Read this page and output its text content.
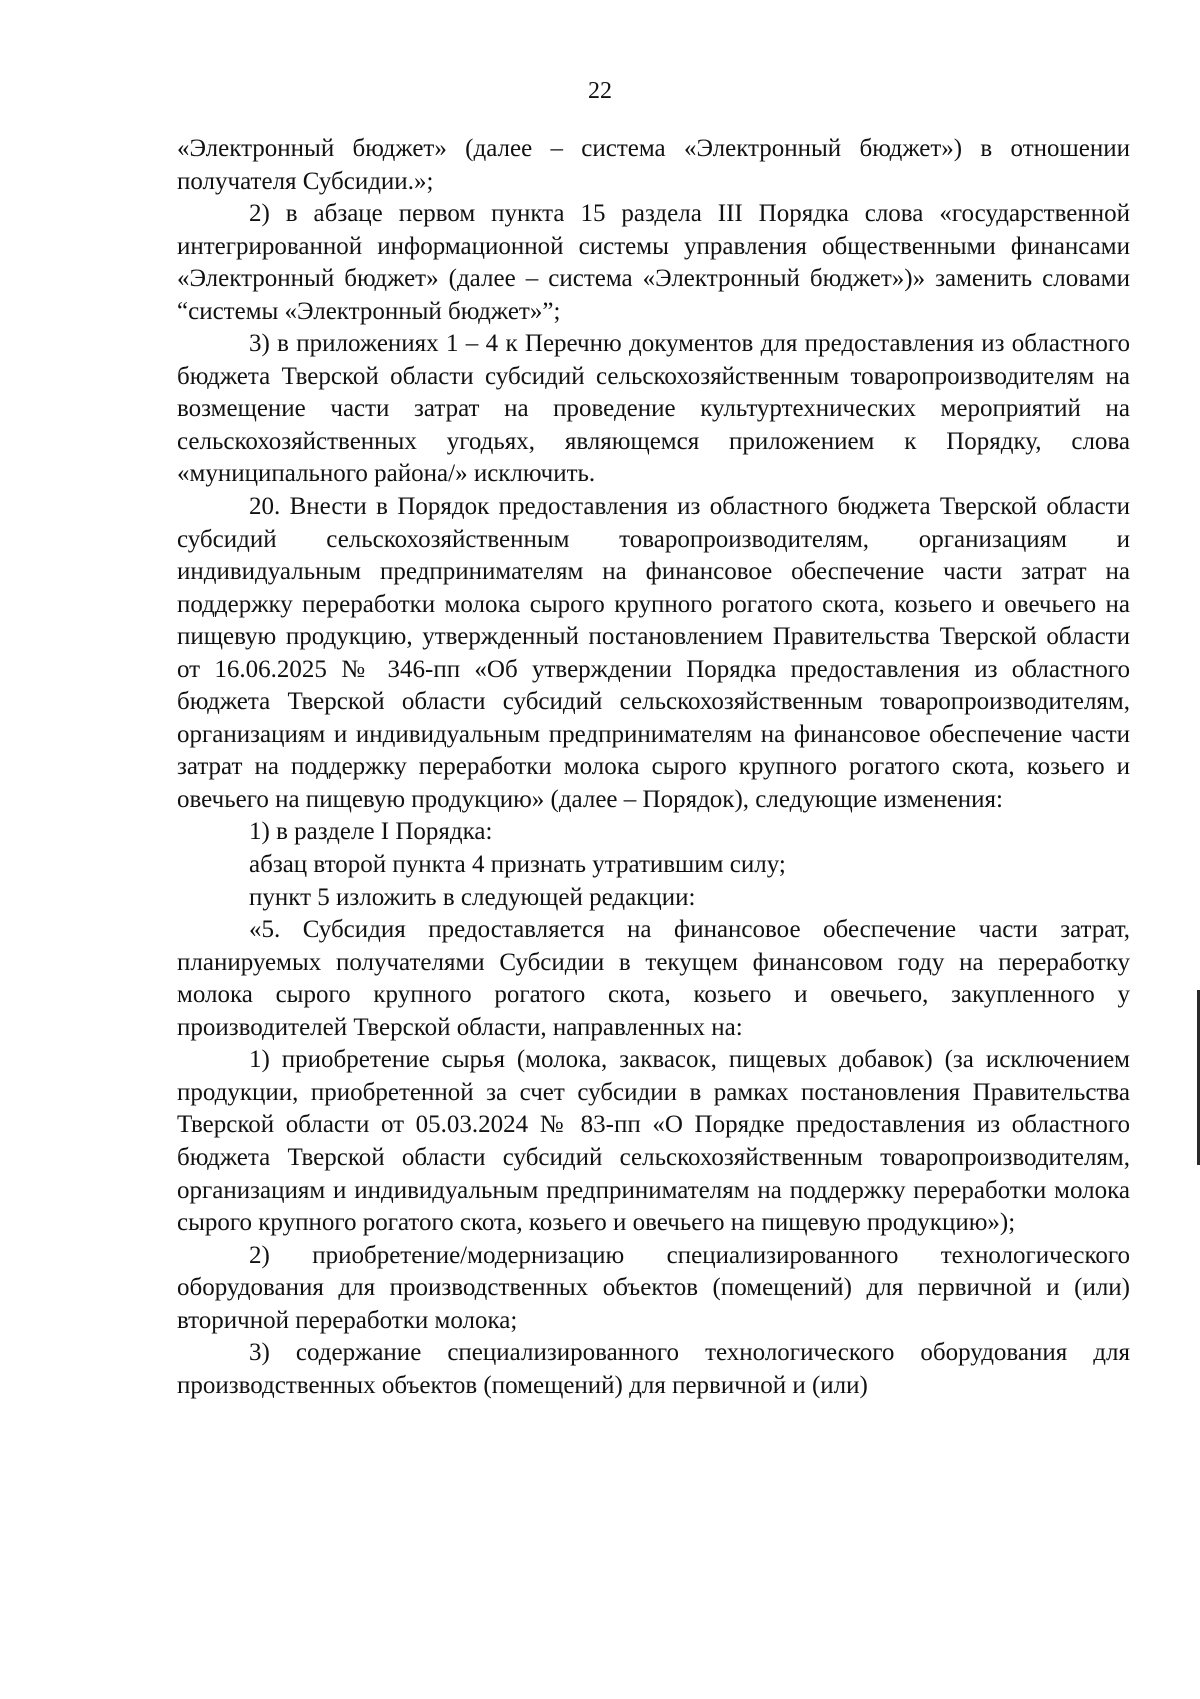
22

«Электронный бюджет» (далее – система «Электронный бюджет») в отношении получателя Субсидии.»;

2) в абзаце первом пункта 15 раздела III Порядка слова «государственной интегрированной информационной системы управления общественными финансами «Электронный бюджет» (далее – система «Электронный бюджет»)» заменить словами “системы «Электронный бюджет»”;

3) в приложениях 1 – 4 к Перечню документов для предоставления из областного бюджета Тверской области субсидий сельскохозяйственным товаропроизводителям на возмещение части затрат на проведение культуртехнических мероприятий на сельскохозяйственных угодьях, являющемся приложением к Порядку, слова «муниципального района/» исключить.

20. Внести в Порядок предоставления из областного бюджета Тверской области субсидий сельскохозяйственным товаропроизводителям, организациям и индивидуальным предпринимателям на финансовое обеспечение части затрат на поддержку переработки молока сырого крупного рогатого скота, козьего и овечьего на пищевую продукцию, утвержденный постановлением Правительства Тверской области от 16.06.2025 № 346-пп «Об утверждении Порядка предоставления из областного бюджета Тверской области субсидий сельскохозяйственным товаропроизводителям, организациям и индивидуальным предпринимателям на финансовое обеспечение части затрат на поддержку переработки молока сырого крупного рогатого скота, козьего и овечьего на пищевую продукцию» (далее – Порядок), следующие изменения:

1) в разделе I Порядка:

абзац второй пункта 4 признать утратившим силу;

пункт 5 изложить в следующей редакции:

«5. Субсидия предоставляется на финансовое обеспечение части затрат, планируемых получателями Субсидии в текущем финансовом году на переработку молока сырого крупного рогатого скота, козьего и овечьего, закупленного у производителей Тверской области, направленных на:

1) приобретение сырья (молока, заквасок, пищевых добавок) (за исключением продукции, приобретенной за счет субсидии в рамках постановления Правительства Тверской области от 05.03.2024 № 83-пп «О Порядке предоставления из областного бюджета Тверской области субсидий сельскохозяйственным товаропроизводителям, организациям и индивидуальным предпринимателям на поддержку переработки молока сырого крупного рогатого скота, козьего и овечьего на пищевую продукцию»);

2) приобретение/модернизацию специализированного технологического оборудования для производственных объектов (помещений) для первичной и (или) вторичной переработки молока;

3) содержание специализированного технологического оборудования для производственных объектов (помещений) для первичной и (или)
